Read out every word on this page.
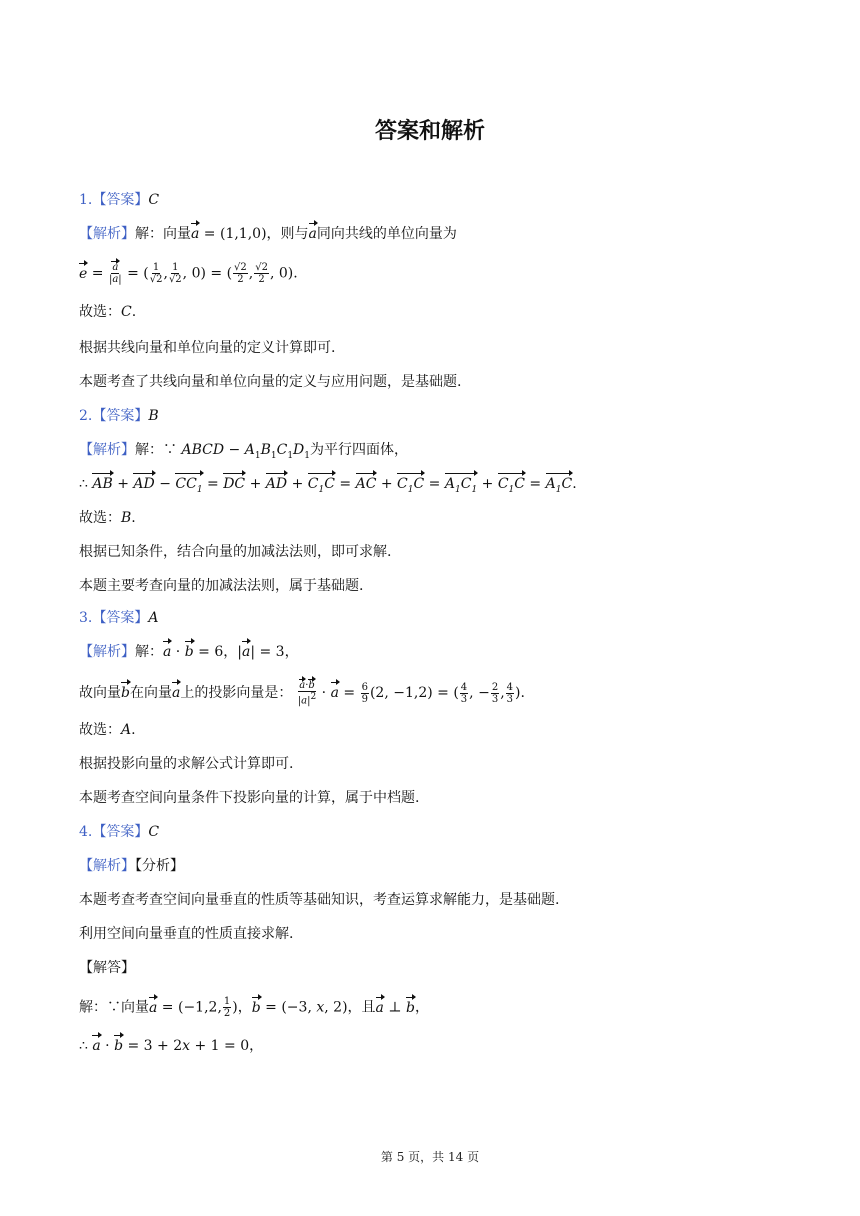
答案和解析
1.【答案】C
【解析】解：向量a = (1,1,0)，则与a同向共线的单位向量为
$e = \frac{a}{|a|}$ = ( $\frac{1}{√2}$ , $\frac{1}{√2}$ , 0) = ( $\frac{√2}{2}$ , $\frac{√2}{2}$ , 0).
故选：C.
根据共线向量和单位向量的定义计算即可.
本题考查了共线向量和单位向量的定义与应用问题，是基础题.
2.【答案】B
【解析】解：∵ ABCD − $A_1B_1C_1D_1$为平行四面体，
∴ AB + AD − $CC_1$ = DC + AD + $C_1C$ = AC + $C_1C = A_1C_1 + C_1C = A_1C$.
故选：B.
根据已知条件，结合向量的加减法法则，即可求解.
本题主要考查向量的加减法法则，属于基础题.
3.【答案】A
【解析】解：a · b = 6，|a| = 3，
故向量b在向量a上的投影向量是： $\frac{a\cdot b}{|a|^2} \cdot a = \frac{6}{9} (2$, −1,2) = ( $\frac{4}{3}$ , − $\frac{2}{3}$ , $\frac{4}{3}$ ).
故选：A.
根据投影向量的求解公式计算即可.
本题考查空间向量条件下投影向量的计算，属于中档题.
4.【答案】C
【解析】【分析】
本题考查考查空间向量垂直的性质等基础知识，考查运算求解能力，是基础题.
利用空间向量垂直的性质直接求解.
【解答】
解：∵向量a = (−1,2, $\frac{1}{2}$ )，b = (−3, x, 2)，且a ⊥ b，
∴ a · b = 3 + 2x + 1 = 0，
第 5 页，共 14 页
